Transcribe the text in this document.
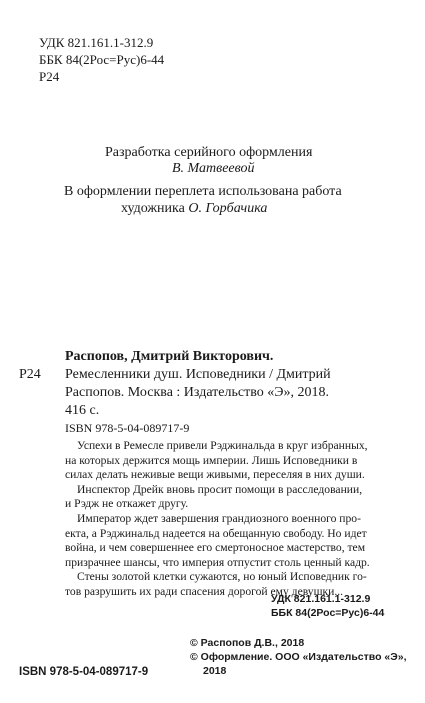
УДК 821.161.1-312.9
ББК 84(2Рос=Рус)6-44
Р24
Разработка серийного оформления
В. Матвеевой
В оформлении переплета использована работа
художника О. Горбачика
Распопов, Дмитрий Викторович.
Р24 Ремесленники душ. Исповедники / Дмитрий
Распопов. Москва : Издательство «Э», 2018.
416 с.
ISBN 978-5-04-089717-9

Успехи в Ремесле привели Рэджинальда в круг избранных,

на которых держится мощь империи. Лишь Исповедники в

силах делать неживые вещи живыми, переселяя в них души.

Инспектор Дрейк вновь просит помощи в расследовании,

и Рэдж не откажет другу.

Император ждет завершения грандиозного военного про-

екта, а Рэджинальд надеется на обещанную свободу. Но идет

война, и чем совершеннее его смертоносное мастерство, тем

призрачнее шансы, что империя отпустит столь ценный кадр.

Стены золотой клетки сужаются, но юный Исповедник го-

тов разрушить их ради спасения дорогой ему девушки...

УДК 821.161.1-312.9
ББК 84(2Рос=Рус)6-44
ISBN 978-5-04-089717-9
© Распопов Д.В., 2018
© Оформление. ООО «Издательство «Э»,
2018
